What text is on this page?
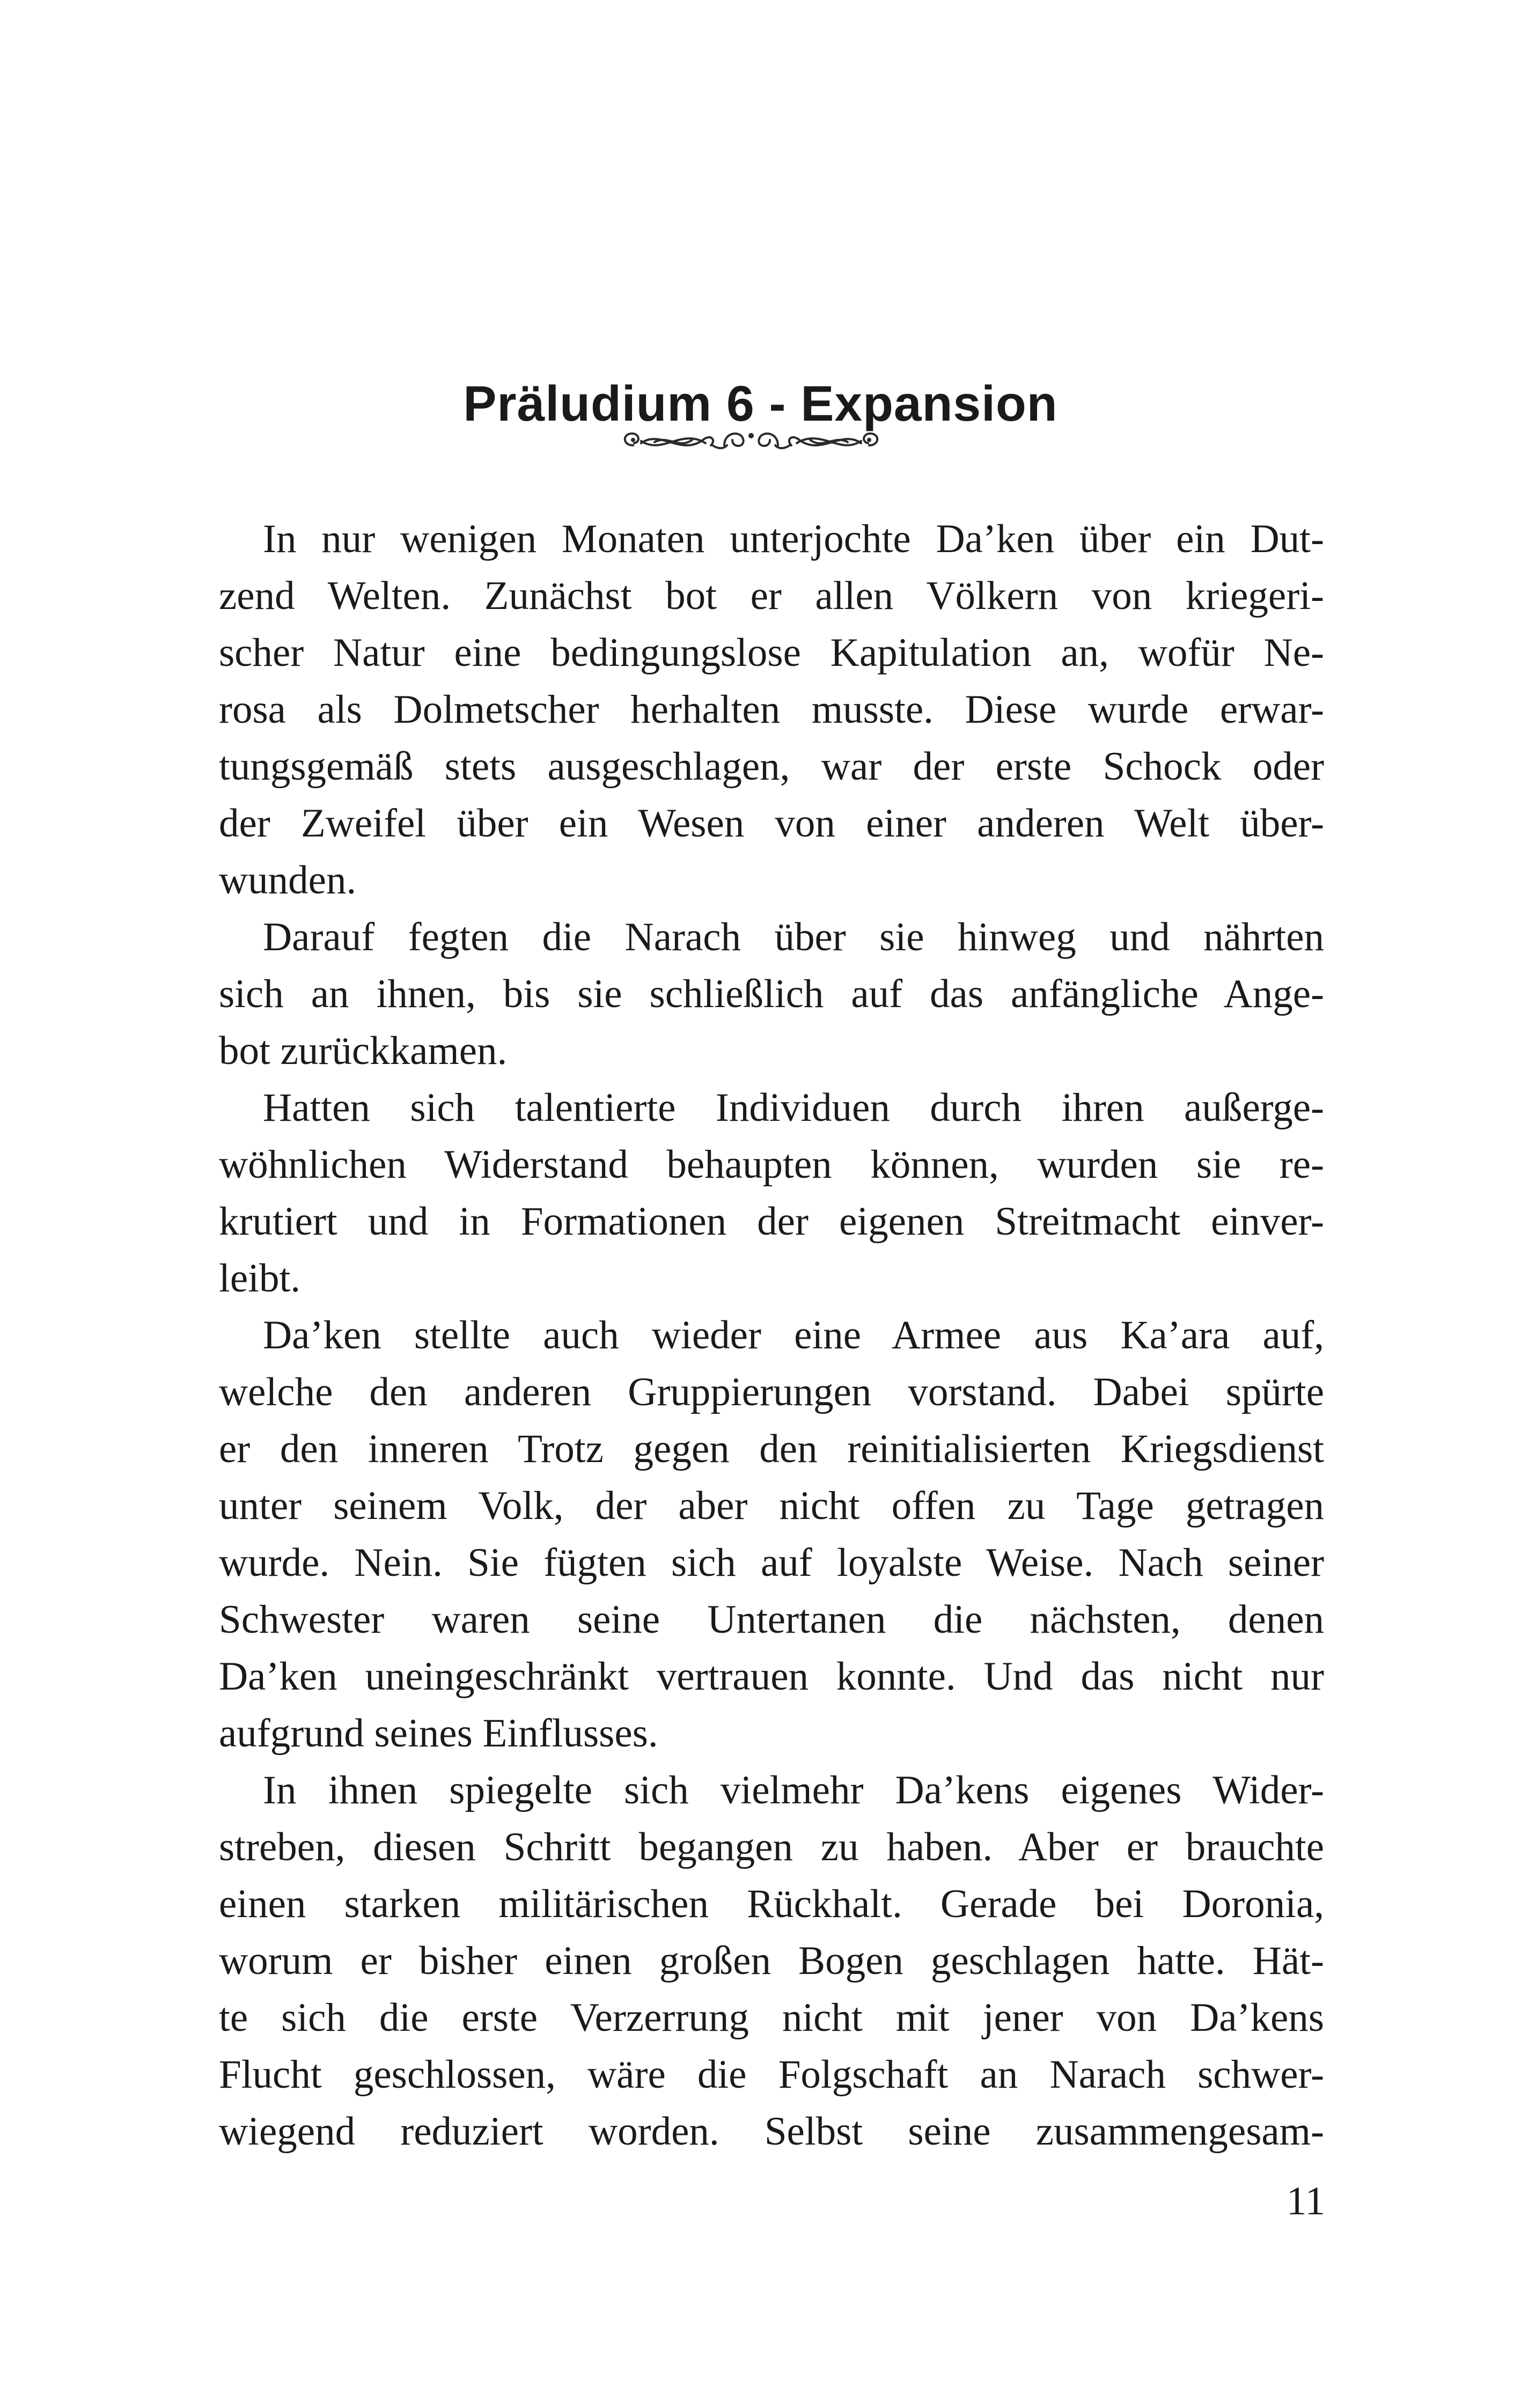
Präludium 6 - Expansion
In nur wenigen Monaten unterjochte Da’ken über ein Dut-
zend Welten. Zunächst bot er allen Völkern von kriegeri-
scher Natur eine bedingungslose Kapitulation an, wofür Ne-
rosa als Dolmetscher herhalten musste. Diese wurde erwar-
tungsgemäß stets ausgeschlagen, war der erste Schock oder
der Zweifel über ein Wesen von einer anderen Welt über-
wunden.
Darauf fegten die Narach über sie hinweg und nährten
sich an ihnen, bis sie schließlich auf das anfängliche Ange-
bot zurückkamen.
Hatten sich talentierte Individuen durch ihren außerge-
wöhnlichen Widerstand behaupten können, wurden sie re-
krutiert und in Formationen der eigenen Streitmacht einver-
leibt.
Da’ken stellte auch wieder eine Armee aus Ka’ara auf,
welche den anderen Gruppierungen vorstand. Dabei spürte
er den inneren Trotz gegen den reinitialisierten Kriegsdienst
unter seinem Volk, der aber nicht offen zu Tage getragen
wurde. Nein. Sie fügten sich auf loyalste Weise. Nach seiner
Schwester waren seine Untertanen die nächsten, denen
Da’ken uneingeschränkt vertrauen konnte. Und das nicht nur
aufgrund seines Einflusses.
In ihnen spiegelte sich vielmehr Da’kens eigenes Wider-
streben, diesen Schritt begangen zu haben. Aber er brauchte
einen starken militärischen Rückhalt. Gerade bei Doronia,
worum er bisher einen großen Bogen geschlagen hatte. Hät-
te sich die erste Verzerrung nicht mit jener von Da’kens
Flucht geschlossen, wäre die Folgschaft an Narach schwer-
wiegend reduziert worden. Selbst seine zusammengesam-
11
